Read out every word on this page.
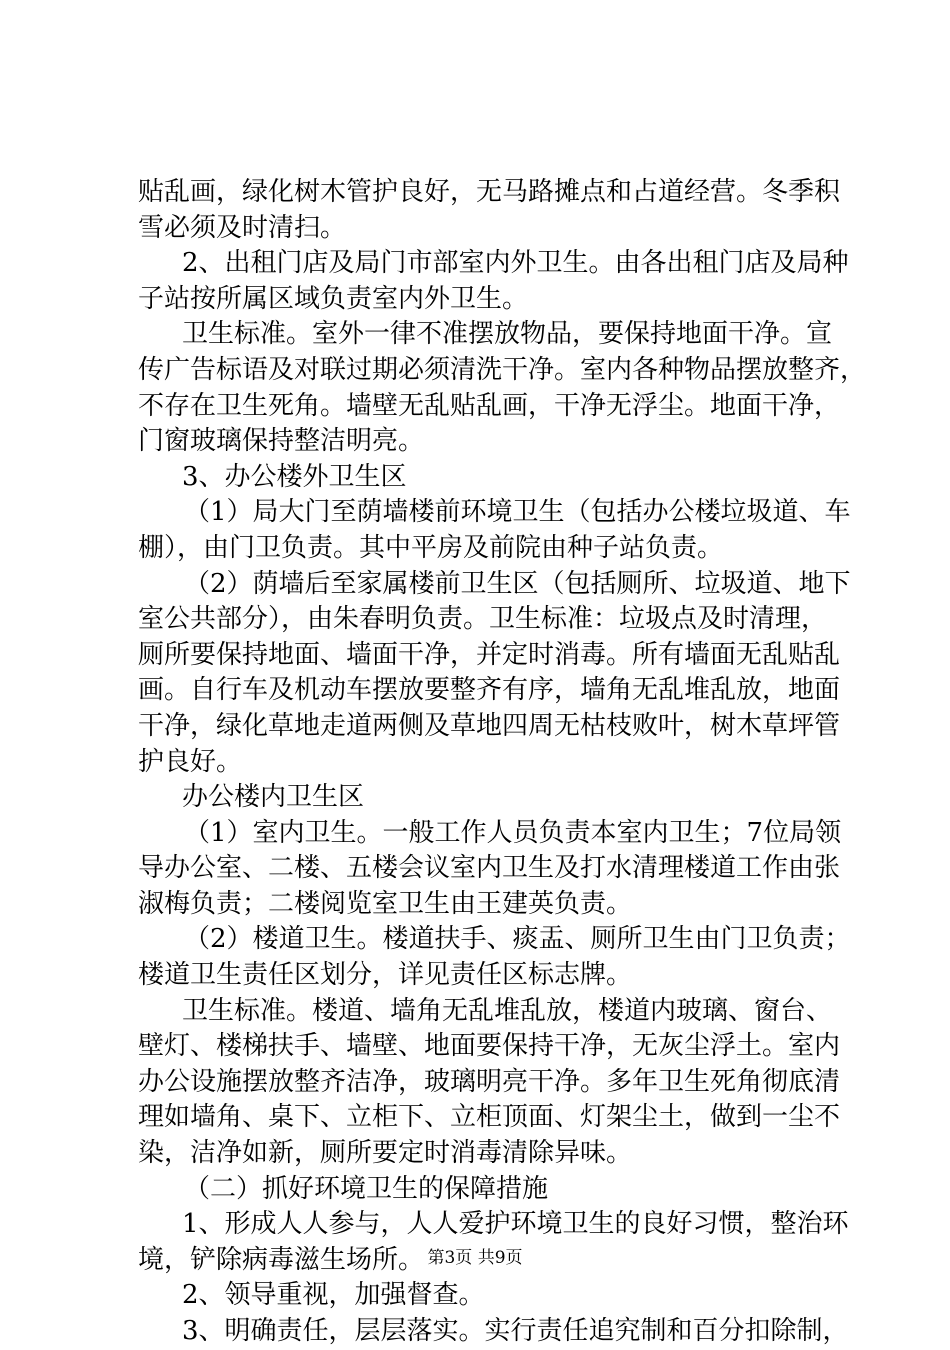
贴乱画，绿化树木管护良好，无马路摊点和占道经营。冬季积

雪必须及时清扫。

2、出租门店及局门市部室内外卫生。由各出租门店及局种

子站按所属区域负责室内外卫生。

卫生标准。室外一律不准摆放物品，要保持地面干净。宣

传广告标语及对联过期必须清洗干净。室内各种物品摆放整齐，

不存在卫生死角。墙壁无乱贴乱画，干净无浮尘。地面干净，

门窗玻璃保持整洁明亮。

3、办公楼外卫生区

（1）局大门至荫墙楼前环境卫生（包括办公楼垃圾道、车

棚），由门卫负责。其中平房及前院由种子站负责。

（2）荫墙后至家属楼前卫生区（包括厕所、垃圾道、地下

室公共部分），由朱春明负责。卫生标准：垃圾点及时清理，

厕所要保持地面、墙面干净，并定时消毒。所有墙面无乱贴乱

画。自行车及机动车摆放要整齐有序，墙角无乱堆乱放，地面

干净，绿化草地走道两侧及草地四周无枯枝败叶，树木草坪管

护良好。

办公楼内卫生区

（1）室内卫生。一般工作人员负责本室内卫生；7位局领

导办公室、二楼、五楼会议室内卫生及打水清理楼道工作由张

淑梅负责；二楼阅览室卫生由王建英负责。

（2）楼道卫生。楼道扶手、痰盂、厕所卫生由门卫负责；

楼道卫生责任区划分，详见责任区标志牌。

卫生标准。楼道、墙角无乱堆乱放，楼道内玻璃、窗台、

壁灯、楼梯扶手、墙壁、地面要保持干净，无灰尘浮土。室内

办公设施摆放整齐洁净，玻璃明亮干净。多年卫生死角彻底清

理如墙角、桌下、立柜下、立柜顶面、灯架尘土，做到一尘不

染，洁净如新，厕所要定时消毒清除异味。

（二）抓好环境卫生的保障措施

1、形成人人参与，人人爱护环境卫生的良好习惯，整治环

境，铲除病毒滋生场所。

2、领导重视，加强督查。

3、明确责任，层层落实。实行责任追究制和百分扣除制，

第3页 共9页
